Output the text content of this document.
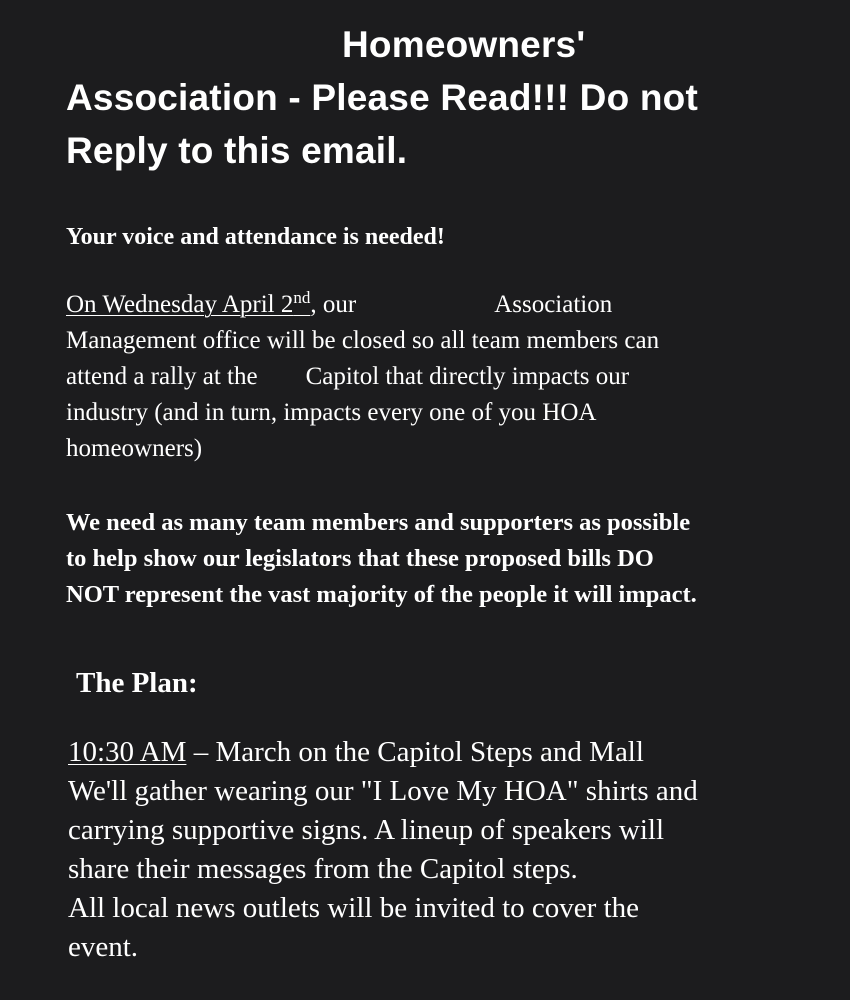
Homeowners'
Association - Please Read!!! Do not
Reply to this email.

Your voice and attendance is needed!

On Wednesday April 2nd, our	Association
Management office will be closed so all team members can
attend a rally at the Capitol that directly impacts our
industry (and in turn, impacts every one of you HOA
homeowners)

We need as many team members and supporters as possible
to help show our legislators that these proposed bills DO
NOT represent the vast majority of the people it will impact.

The Plan:

10:30 AM – March on the Capitol Steps and Mall
We'll gather wearing our "I Love My HOA" shirts and
carrying supportive signs. A lineup of speakers will
share their messages from the Capitol steps.
All local news outlets will be invited to cover the
event.
